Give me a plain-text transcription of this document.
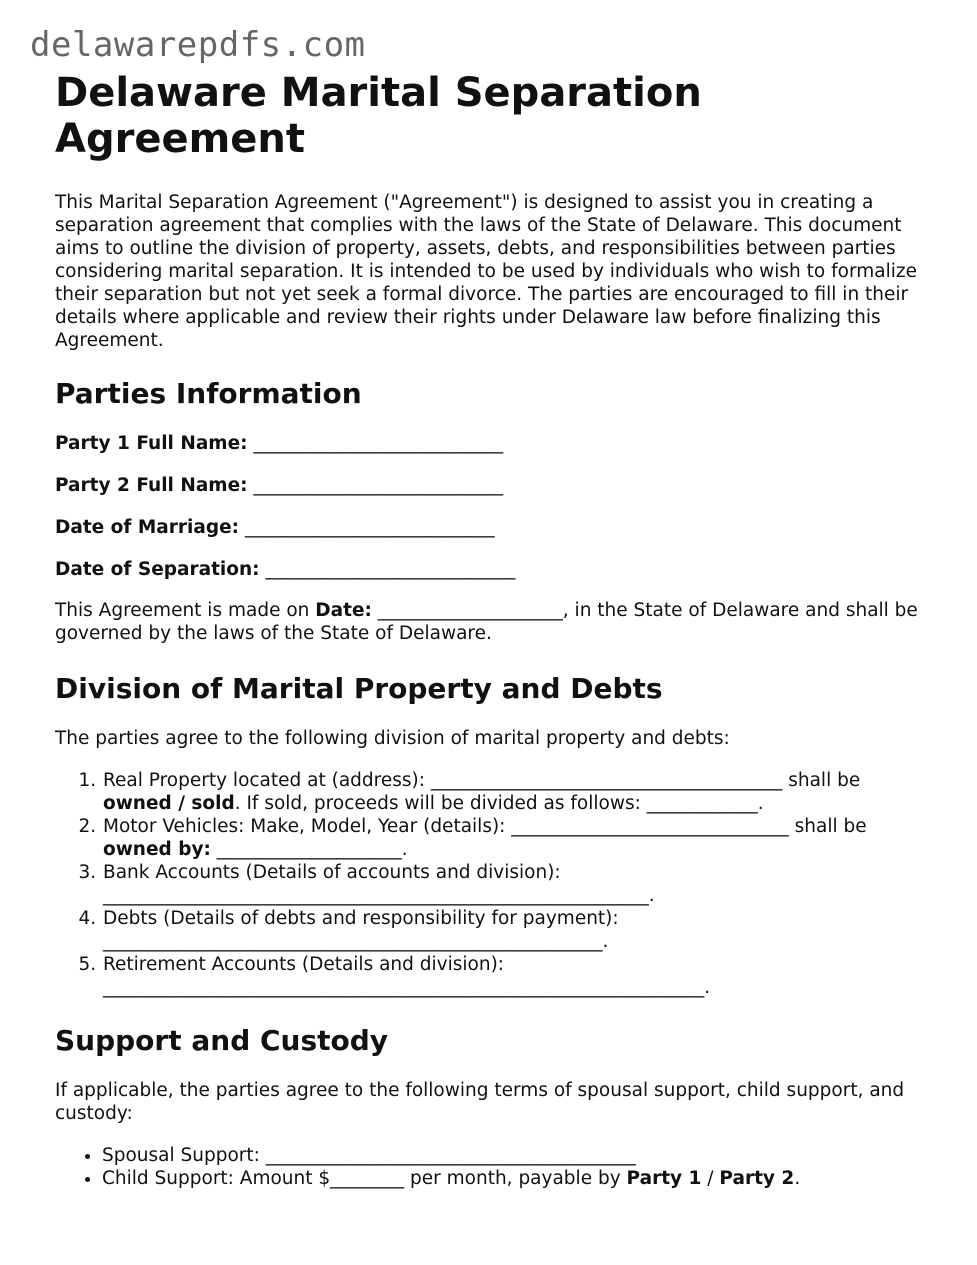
delawarepdfs.com
Delaware Marital Separation Agreement

This Marital Separation Agreement ("Agreement") is designed to assist you in creating a separation agreement that complies with the laws of the State of Delaware. This document aims to outline the division of property, assets, debts, and responsibilities between parties considering marital separation. It is intended to be used by individuals who wish to formalize their separation but not yet seek a formal divorce. The parties are encouraged to fill in their details where applicable and review their rights under Delaware law before finalizing this Agreement.

Parties Information

Party 1 Full Name: ___________________________

Party 2 Full Name: ___________________________

Date of Marriage: ___________________________

Date of Separation: ___________________________

This Agreement is made on Date: ____________________, in the State of Delaware and shall be governed by the laws of the State of Delaware.

Division of Marital Property and Debts

The parties agree to the following division of marital property and debts:

1. Real Property located at (address): ______________________________________ shall be owned / sold. If sold, proceeds will be divided as follows: ____________.
2. Motor Vehicles: Make, Model, Year (details): ______________________________ shall be owned by: ____________________.
3. Bank Accounts (Details of accounts and division): ___________________________________________________________.
4. Debts (Details of debts and responsibility for payment): ______________________________________________________.
5. Retirement Accounts (Details and division): _________________________________________________________________.
Support and Custody

If applicable, the parties agree to the following terms of spousal support, child support, and custody:

• Spousal Support: ________________________________________
• Child Support: Amount $________ per month, payable by Party 1 / Party 2.
